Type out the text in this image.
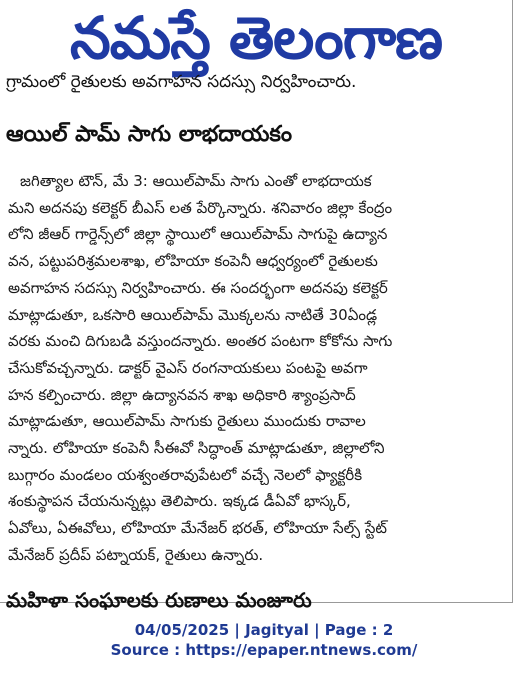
నమస్తే తెలంగాణ
గ్రామంలో రైతులకు అవగాహన సదస్సు నిర్వహించారు.
ఆయిల్ పామ్ సాగు లాభదాయకం
జగిత్యాల టౌన్, మే 3: ఆయిల్‌పామ్ సాగు ఎంతో లాభదాయక
మని అదనపు కలెక్టర్ బీఎస్ లత పేర్కొన్నారు. శనివారం జిల్లా కేంద్రం
లోని జీఆర్ గార్డెన్స్‌లో జిల్లా స్థాయిలో ఆయిల్‌పామ్ సాగుపై ఉద్యాన
వన, పట్టుపరిశ్రమలశాఖ, లోహియా కంపెనీ ఆధ్వర్యంలో రైతులకు
అవగాహన సదస్సు నిర్వహించారు. ఈ సందర్భంగా అదనపు కలెక్టర్
మాట్లాడుతూ, ఒకసారి ఆయిల్‌పామ్ మొక్కలను నాటితే 30ఏండ్ల
వరకు మంచి దిగుబడి వస్తుందన్నారు. అంతర పంటగా కోకోను సాగు
చేసుకోవచ్చన్నారు. డాక్టర్ వైఎస్ రంగనాయకులు పంటపై అవగా
హన కల్పించారు. జిల్లా ఉద్యానవన శాఖ అధికారి శ్యాంప్రసాద్
మాట్లాడుతూ, ఆయిల్‌పామ్ సాగుకు రైతులు ముందుకు రావాల
న్నారు. లోహియా కంపెనీ సీఈవో సిద్ధాంత్ మాట్లాడుతూ, జిల్లాలోని
బుగ్గారం మండలం యశ్వంతరావుపేటలో వచ్చే నెలలో ఫ్యాక్టరీకి
శంకుస్థాపన చేయనున్నట్లు తెలిపారు. ఇక్కడ డీఏవో భాస్కర్,
ఏవోలు, ఏఈవోలు, లోహియా మేనేజర్ భరత్, లోహియా సేల్స్ స్టేట్
మేనేజర్ ప్రదీప్ పట్నాయక్, రైతులు ఉన్నారు.
మహిళా సంఘాలకు రుణాలు మంజూరు
04/05/2025 | Jagityal | Page : 2
Source : https://epaper.ntnews.com/
